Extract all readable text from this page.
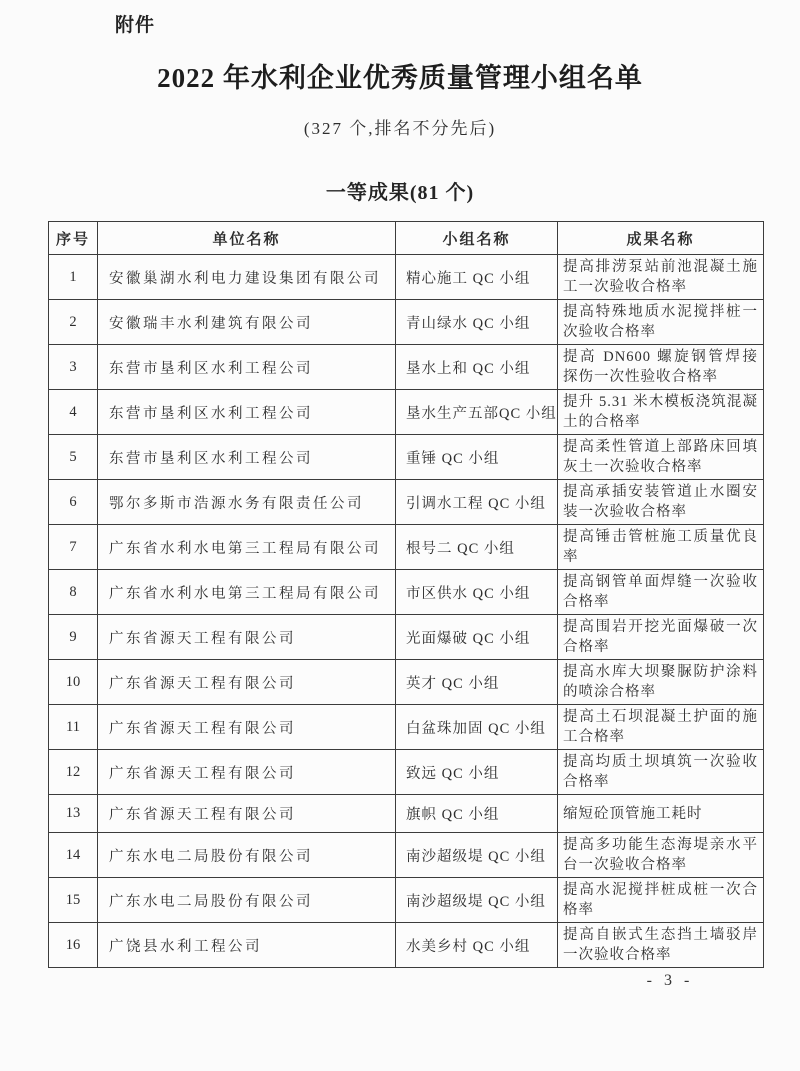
附件
2022 年水利企业优秀质量管理小组名单
(327 个,排名不分先后)
一等成果(81 个)
序号	单位名称	小组名称	成果名称
1	安徽巢湖水利电力建设集团有限公司	精心施工 QC 小组	提高排涝泵站前池混凝土施工一次验收合格率
2	安徽瑞丰水利建筑有限公司	青山绿水 QC 小组	提高特殊地质水泥搅拌桩一次验收合格率
3	东营市垦利区水利工程公司	垦水上和 QC 小组	提高 DN600 螺旋钢管焊接探伤一次性验收合格率
4	东营市垦利区水利工程公司	垦水生产五部QC 小组	提升 5.31 米木模板浇筑混凝土的合格率
5	东营市垦利区水利工程公司	重锤 QC 小组	提高柔性管道上部路床回填灰土一次验收合格率
6	鄂尔多斯市浩源水务有限责任公司	引调水工程 QC 小组	提高承插安装管道止水圈安装一次验收合格率
7	广东省水利水电第三工程局有限公司	根号二 QC 小组	提高锤击管桩施工质量优良率
8	广东省水利水电第三工程局有限公司	市区供水 QC 小组	提高钢管单面焊缝一次验收合格率
9	广东省源天工程有限公司	光面爆破 QC 小组	提高围岩开挖光面爆破一次合格率
10	广东省源天工程有限公司	英才 QC 小组	提高水库大坝聚脲防护涂料的喷涂合格率
11	广东省源天工程有限公司	白盆珠加固 QC 小组	提高土石坝混凝土护面的施工合格率
12	广东省源天工程有限公司	致远 QC 小组	提高均质土坝填筑一次验收合格率
13	广东省源天工程有限公司	旗帜 QC 小组	缩短砼顶管施工耗时
14	广东水电二局股份有限公司	南沙超级堤 QC 小组	提高多功能生态海堤亲水平台一次验收合格率
15	广东水电二局股份有限公司	南沙超级堤 QC 小组	提高水泥搅拌桩成桩一次合格率
16	广饶县水利工程公司	水美乡村 QC 小组	提高自嵌式生态挡土墙驳岸一次验收合格率
- 3 -
